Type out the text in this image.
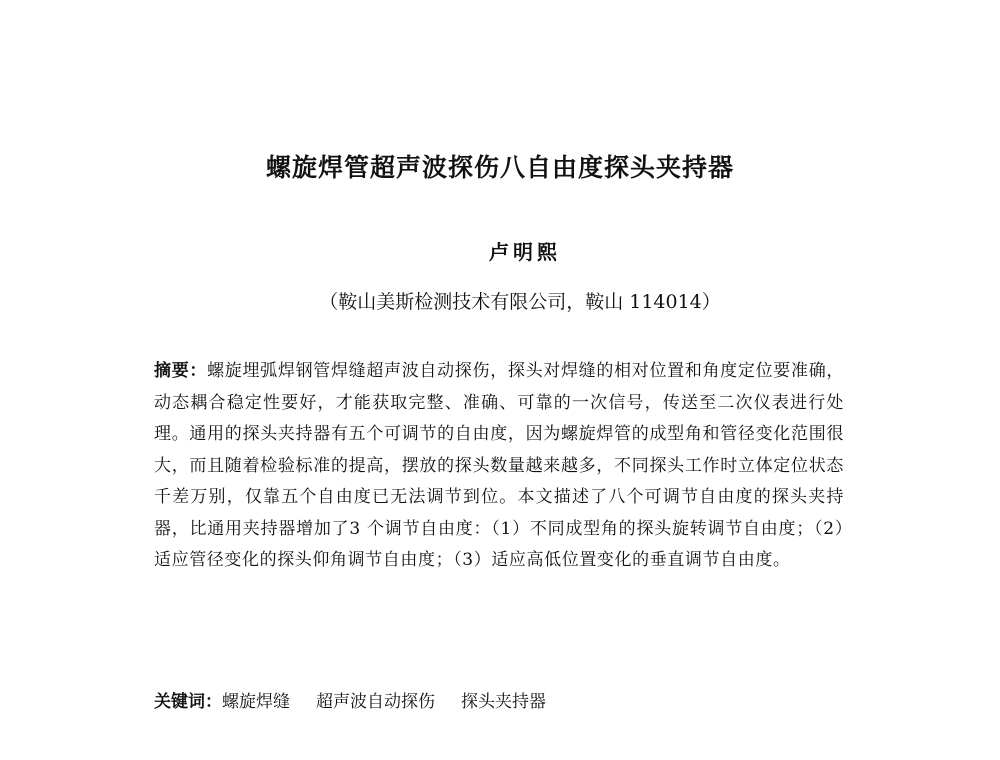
螺旋焊管超声波探伤八自由度探头夹持器
卢明熙
（鞍山美斯检测技术有限公司，鞍山 114014）
摘要：螺旋埋弧焊钢管焊缝超声波自动探伤，探头对焊缝的相对位置和角度定位要准确，动态耦合稳定性要好，才能获取完整、准确、可靠的一次信号，传送至二次仪表进行处理。通用的探头夹持器有五个可调节的自由度，因为螺旋焊管的成型角和管径变化范围很大，而且随着检验标准的提高，摆放的探头数量越来越多，不同探头工作时立体定位状态千差万别，仅靠五个自由度已无法调节到位。本文描述了八个可调节自由度的探头夹持器，比通用夹持器增加了3 个调节自由度：（1）不同成型角的探头旋转调节自由度；（2）适应管径变化的探头仰角调节自由度；（3）适应高低位置变化的垂直调节自由度。
关键词：螺旋焊缝 超声波自动探伤 探头夹持器
